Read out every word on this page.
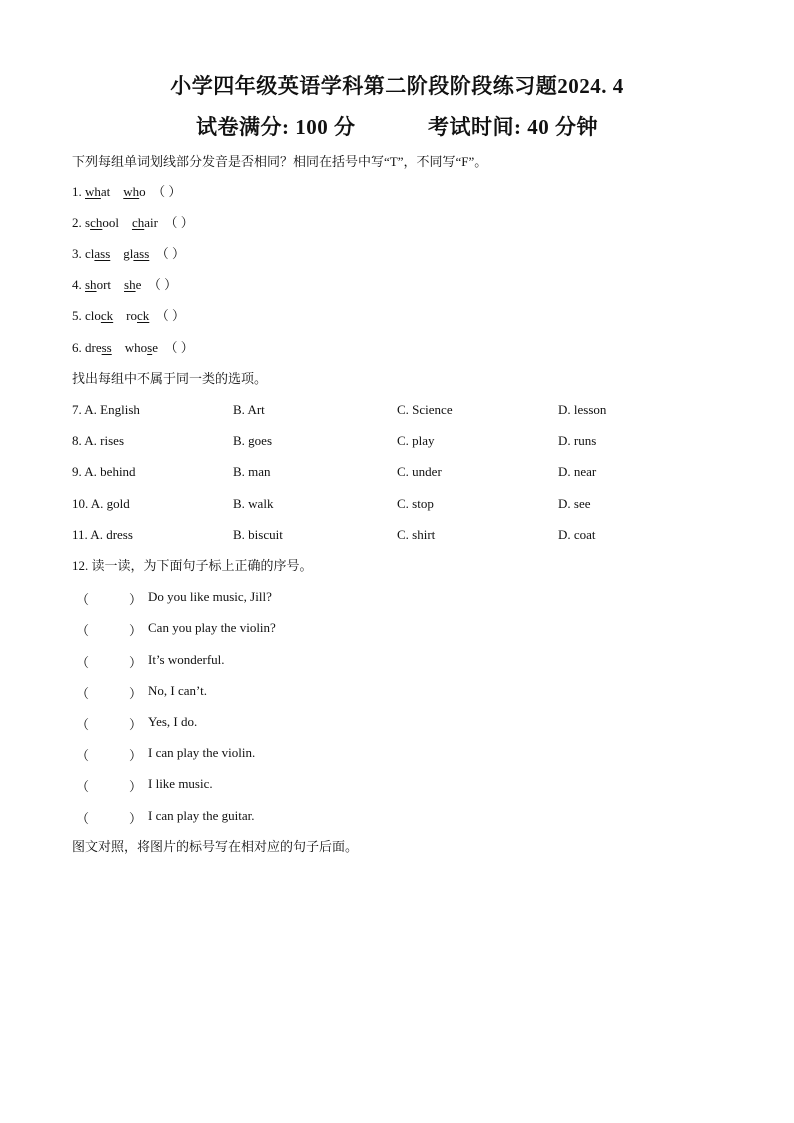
小学四年级英语学科第二阶段阶段练习题2024. 4
试卷满分: 100 分	考试时间: 40 分钟
下列每组单词划线部分发音是否相同？相同在括号中写“T”，不同写“F”。
1. what who （ ）
2. school chair （ ）
3. class glass （ ）
4. short she （ ）
5. clock rock （ ）
6. dress whose （ ）
找出每组中不属于同一类的选项。
7. A. English	B. Art	C. Science	D. lesson
8. A. rises	B. goes	C. play	D. runs
9. A. behind	B. man	C. under	D. near
10. A. gold	B. walk	C. stop	D. see
11. A. dress	B. biscuit	C. shirt	D. coat
12. 读一读，为下面句子标上正确的序号。
（	） Do you like music, Jill?
（	） Can you play the violin?
（	） It’s wonderful.
（	） No, I can’t.
（	） Yes, I do.
（	） I can play the violin.
（	） I like music.
（	） I can play the guitar.
图文对照，将图片的标号写在相对应的句子后面。
